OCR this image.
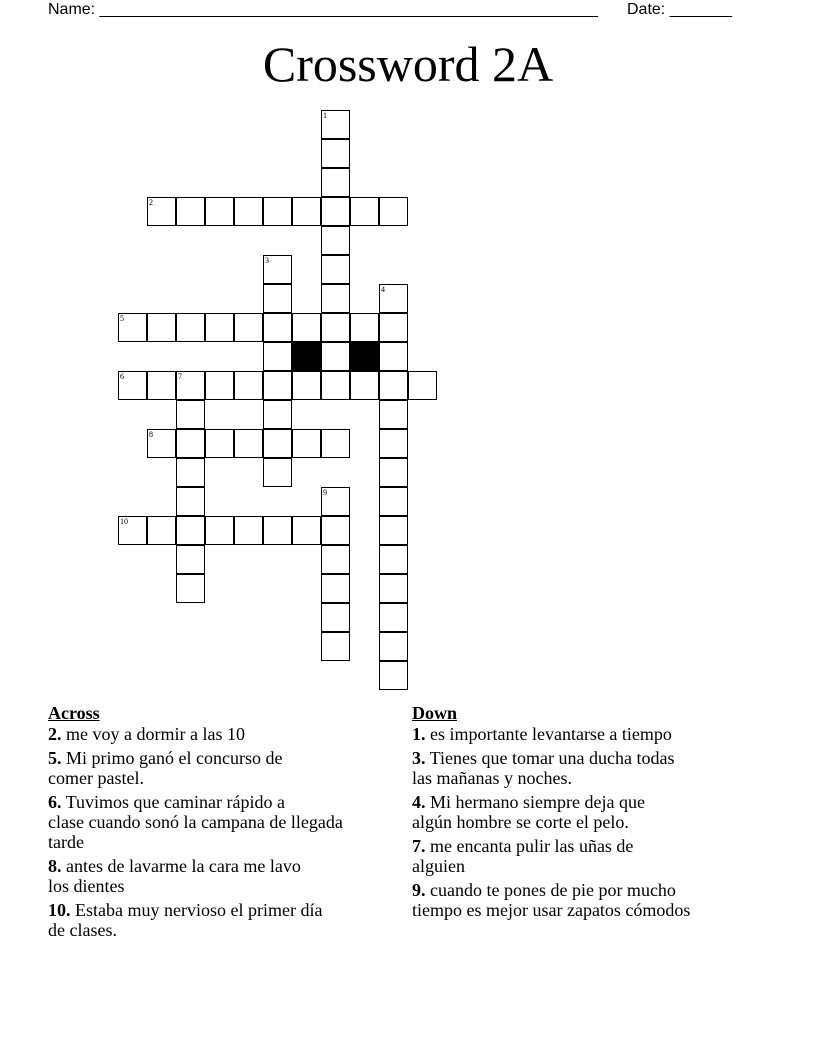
Name: ________________________________________________________ Date: _______
Crossword 2A
1
2
3
4
5
6	7
8
9
10
Across
2. me voy a dormir a las 10
5. Mi primo ganó el concurso de
comer pastel.
6. Tuvimos que caminar rápido a
clase cuando sonó la campana de llegada
tarde
8. antes de lavarme la cara me lavo
los dientes
10. Estaba muy nervioso el primer día
de clases.
Down
1. es importante levantarse a tiempo
3. Tienes que tomar una ducha todas
las mañanas y noches.
4. Mi hermano siempre deja que
algún hombre se corte el pelo.
7. me encanta pulir las uñas de
alguien
9. cuando te pones de pie por mucho
tiempo es mejor usar zapatos cómodos
